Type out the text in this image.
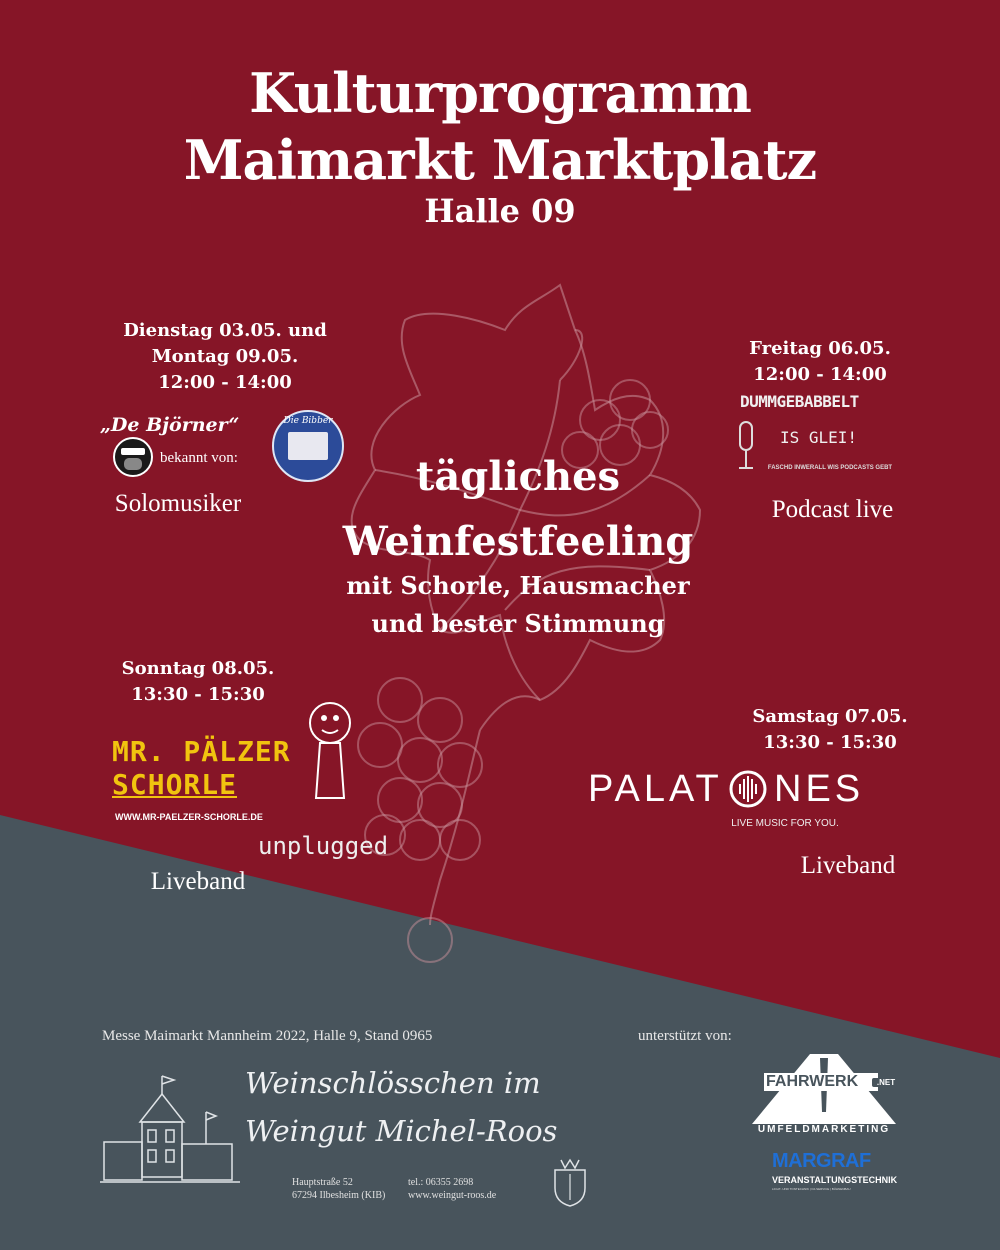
Kulturprogramm
Maimarkt Marktplatz
Halle 09
tägliches
Weinfestfeeling
mit Schorle, Hausmacher
und bester Stimmung
Dienstag 03.05. und
Montag 09.05.
12:00 - 14:00
„De Björner“
bekannt von:
Die Bibber
Solomusiker
Freitag 06.05.
12:00 - 14:00
DUMMGEBABBELT
IS GLEI!
FASCHD INWERALL WIS PODCASTS GEBT
Podcast live
Sonntag 08.05.
13:30 - 15:30
MR. PÄLZER
SCHORLE
WWW.MR-PAELZER-SCHORLE.DE
unplugged
Liveband
Samstag 07.05.
13:30 - 15:30
PALAT NES
LIVE MUSIC FOR YOU.
Liveband
Messe Maimarkt Mannheim 2022, Halle 9, Stand 0965	unterstützt von:
Weinschlösschen im
Weingut Michel-Roos
Hauptstraße 52
67294 Ilbesheim (KIB)
tel.: 06355 2698
www.weingut-roos.de
FAHRWERK	.NET
UMFELDMARKETING
MARGRAF
VERANSTALTUNGSTECHNIK
LICHT- UND TONTECHNIK | DJ-SERVICE | BÜHNENBAU
